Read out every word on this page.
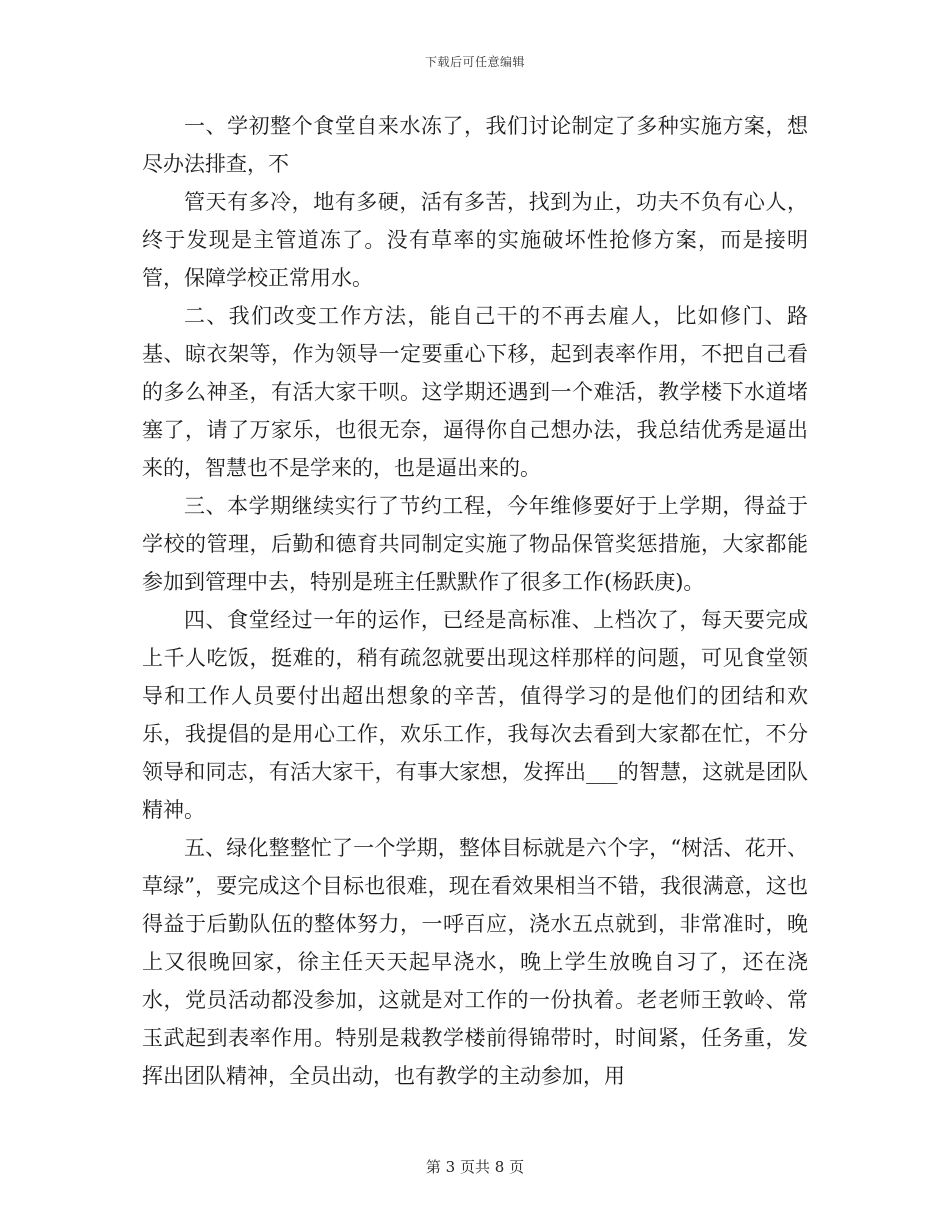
下载后可任意编辑

一、学初整个食堂自来水冻了，我们讨论制定了多种实施方案，想尽办法排查，不

管天有多冷，地有多硬，活有多苦，找到为止，功夫不负有心人，终于发现是主管道冻了。没有草率的实施破坏性抢修方案，而是接明管，保障学校正常用水。

二、我们改变工作方法，能自己干的不再去雇人，比如修门、路基、晾衣架等，作为领导一定要重心下移，起到表率作用，不把自己看的多么神圣，有活大家干呗。这学期还遇到一个难活，教学楼下水道堵塞了，请了万家乐，也很无奈，逼得你自己想办法，我总结优秀是逼出来的，智慧也不是学来的，也是逼出来的。

三、本学期继续实行了节约工程，今年维修要好于上学期，得益于学校的管理，后勤和德育共同制定实施了物品保管奖惩措施，大家都能参加到管理中去，特别是班主任默默作了很多工作(杨跃庚)。

四、食堂经过一年的运作，已经是高标准、上档次了，每天要完成上千人吃饭，挺难的，稍有疏忽就要出现这样那样的问题，可见食堂领导和工作人员要付出超出想象的辛苦，值得学习的是他们的团结和欢乐，我提倡的是用心工作，欢乐工作，我每次去看到大家都在忙，不分领导和同志，有活大家干，有事大家想，发挥出___的智慧，这就是团队精神。

五、绿化整整忙了一个学期，整体目标就是六个字，“树活、花开、草绿”，要完成这个目标也很难，现在看效果相当不错，我很满意，这也得益于后勤队伍的整体努力，一呼百应，浇水五点就到，非常准时，晚上又很晚回家，徐主任天天起早浇水，晚上学生放晚自习了，还在浇水，党员活动都没参加，这就是对工作的一份执着。老老师王敦岭、常玉武起到表率作用。特别是栽教学楼前得锦带时，时间紧，任务重，发挥出团队精神，全员出动，也有教学的主动参加，用

第 3 页共 8 页
